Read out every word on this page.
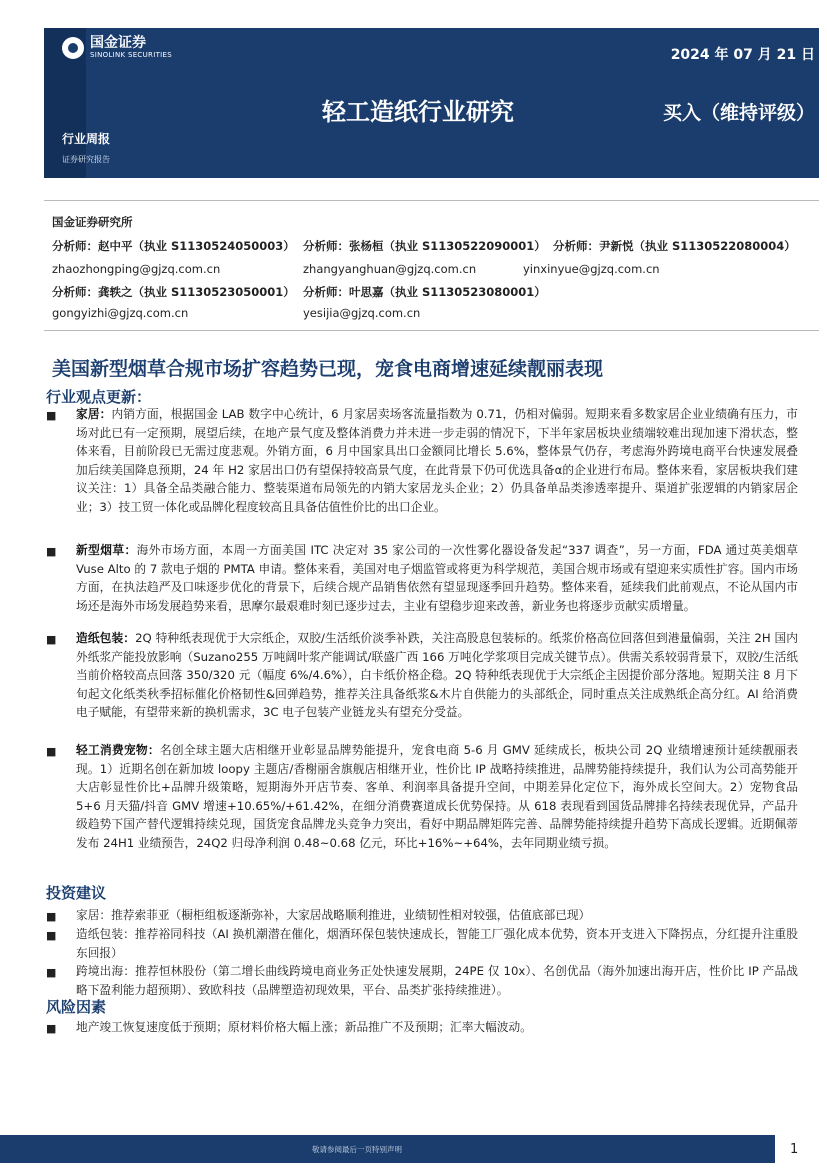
国金证券
SINOLINK SECURITIES	2024 年 07 月 21 日
轻工造纸行业研究	买入（维持评级）
行业周报
证券研究报告
国金证券研究所
分析师：赵中平（执业 S1130524050003）
zhaozhongping@gjzq.com.cn
分析师：张杨桓（执业 S1130522090001）
zhangyanghuan@gjzq.com.cn
分析师：尹新悦（执业 S1130522080004）
yinxinyue@gjzq.com.cn
分析师：龚轶之（执业 S1130523050001）
gongyizhi@gjzq.com.cn
分析师：叶思嘉（执业 S1130523080001）
yesijia@gjzq.com.cn
美国新型烟草合规市场扩容趋势已现，宠食电商增速延续靓丽表现
行业观点更新：
■	家居：内销方面，根据国金 LAB 数字中心统计，6 月家居卖场客流量指数为 0.71，仍相对偏弱。短期来看多数家居企业业绩确有压力，市场对此已有一定预期，展望后续，在地产景气度及整体消费力并未进一步走弱的情况下，下半年家居板块业绩端较难出现加速下滑状态，整体来看，目前阶段已无需过度悲观。外销方面，6 月中国家具出口金额同比增长 5.6%，整体景气仍存，考虑海外跨境电商平台快速发展叠加后续美国降息预期，24 年 H2 家居出口仍有望保持较高景气度，在此背景下仍可优选具备α的企业进行布局。整体来看，家居板块我们建议关注：1）具备全品类融合能力、整装渠道布局领先的内销大家居龙头企业；2）仍具备单品类渗透率提升、渠道扩张逻辑的内销家居企业；3）技工贸一体化或品牌化程度较高且具备估值性价比的出口企业。
■	新型烟草：海外市场方面，本周一方面美国 ITC 决定对 35 家公司的一次性雾化器设备发起“337 调查”，另一方面，FDA 通过英美烟草 Vuse Alto 的 7 款电子烟的 PMTA 申请。整体来看，美国对电子烟监管或将更为科学规范，美国合规市场或有望迎来实质性扩容。国内市场方面，在执法趋严及口味逐步优化的背景下，后续合规产品销售依然有望显现逐季回升趋势。整体来看，延续我们此前观点，不论从国内市场还是海外市场发展趋势来看，思摩尔最艰难时刻已逐步过去，主业有望稳步迎来改善，新业务也将逐步贡献实质增量。
■	造纸包装：2Q 特种纸表现优于大宗纸企，双胶/生活纸价淡季补跌，关注高股息包装标的。纸浆价格高位回落但到港量偏弱，关注 2H 国内外纸浆产能投放影响（Suzano255 万吨阔叶浆产能调试/联盛广西 166 万吨化学浆项目完成关键节点）。供需关系较弱背景下，双胶/生活纸当前价格较高点回落 350/320 元（幅度 6%/4.6%），白卡纸价格企稳。2Q 特种纸表现优于大宗纸企主因提价部分落地。短期关注 8 月下旬起文化纸类秋季招标催化价格韧性&回弹趋势，推荐关注具备纸浆&木片自供能力的头部纸企，同时重点关注成熟纸企高分红。AI 给消费电子赋能，有望带来新的换机需求，3C 电子包装产业链龙头有望充分受益。
■	轻工消费宠物：名创全球主题大店相继开业彰显品牌势能提升，宠食电商 5-6 月 GMV 延续成长，板块公司 2Q 业绩增速预计延续靓丽表现。1）近期名创在新加坡 loopy 主题店/香榭丽舍旗舰店相继开业，性价比 IP 战略持续推进，品牌势能持续提升，我们认为公司高势能开大店彰显性价比+品牌升级策略，短期海外开店节奏、客单、利润率具备提升空间，中期差异化定位下，海外成长空间大。2）宠物食品 5+6 月天猫/抖音 GMV 增速+10.65%/+61.42%，在细分消费赛道成长优势保持。从 618 表现看到国货品牌排名持续表现优异，产品升级趋势下国产替代逻辑持续兑现，国货宠食品牌龙头竞争力突出，看好中期品牌矩阵完善、品牌势能持续提升趋势下高成长逻辑。近期佩蒂发布 24H1 业绩预告，24Q2 归母净利润 0.48~0.68 亿元，环比+16%~+64%，去年同期业绩亏损。
投资建议
■	家居：推荐索菲亚（橱柜组板逐渐弥补，大家居战略顺利推进，业绩韧性相对较强，估值底部已现）
■	造纸包装：推荐裕同科技（AI 换机潮潜在催化，烟酒环保包装快速成长，智能工厂强化成本优势，资本开支进入下降拐点，分红提升注重股东回报）
■	跨境出海：推荐恒林股份（第二增长曲线跨境电商业务正处快速发展期，24PE 仅 10x）、名创优品（海外加速出海开店，性价比 IP 产品战略下盈利能力超预期）、致欧科技（品牌塑造初现效果，平台、品类扩张持续推进）。
风险因素
■	地产竣工恢复速度低于预期；原材料价格大幅上涨；新品推广不及预期；汇率大幅波动。
敬请参阅最后一页特别声明	1
